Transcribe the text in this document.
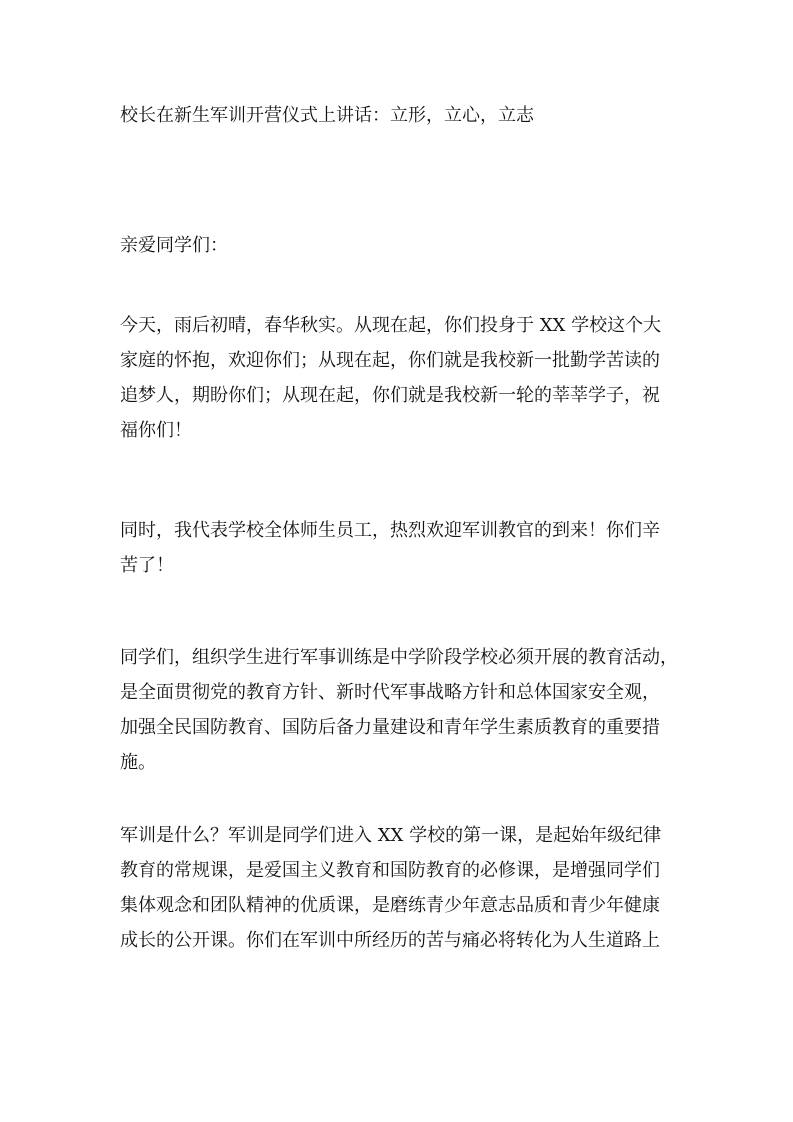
校长在新生军训开营仪式上讲话：立形，立心，立志

亲爱同学们：

今天，雨后初晴，春华秋实。从现在起，你们投身于 XX 学校这个大
家庭的怀抱，欢迎你们；从现在起，你们就是我校新一批勤学苦读的
追梦人，期盼你们；从现在起，你们就是我校新一轮的莘莘学子，祝
福你们！

同时，我代表学校全体师生员工，热烈欢迎军训教官的到来！你们辛
苦了！

同学们，组织学生进行军事训练是中学阶段学校必须开展的教育活动，
是全面贯彻党的教育方针、新时代军事战略方针和总体国家安全观，
加强全民国防教育、国防后备力量建设和青年学生素质教育的重要措
施。

军训是什么？军训是同学们进入 XX 学校的第一课，是起始年级纪律
教育的常规课，是爱国主义教育和国防教育的必修课，是增强同学们
集体观念和团队精神的优质课，是磨练青少年意志品质和青少年健康
成长的公开课。你们在军训中所经历的苦与痛必将转化为人生道路上
